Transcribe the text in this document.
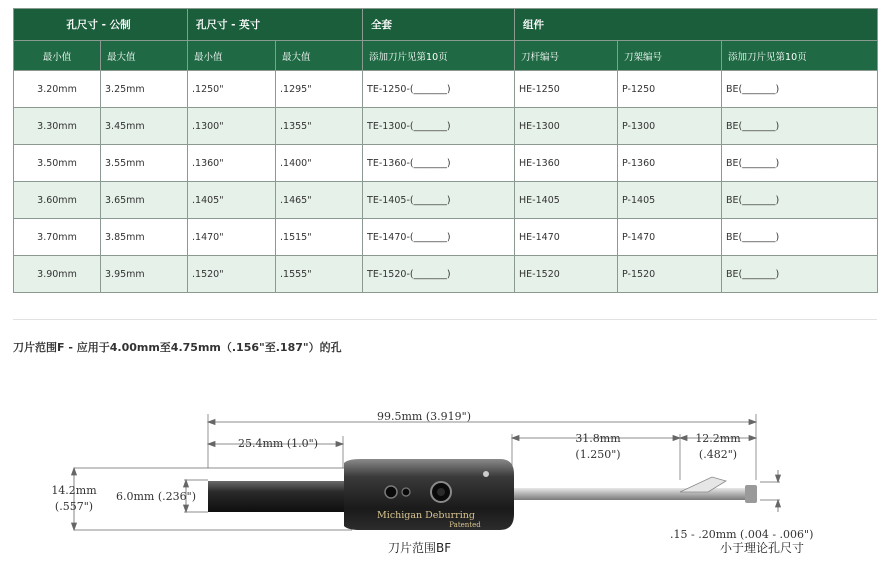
孔尺寸 - 公制		孔尺寸 - 英寸		全套	组件		
最小值	最大值	最小值	最大值	添加刀片见第10页	刀杆编号	刀架编号	添加刀片见第10页
3.20mm	3.25mm	.1250"	.1295"	TE-1250-(_______)	HE-1250	P-1250	BE(_______)
3.30mm	3.45mm	.1300"	.1355"	TE-1300-(_______)	HE-1300	P-1300	BE(_______)
3.50mm	3.55mm	.1360"	.1400"	TE-1360-(_______)	HE-1360	P-1360	BE(_______)
3.60mm	3.65mm	.1405"	.1465"	TE-1405-(_______)	HE-1405	P-1405	BE(_______)
3.70mm	3.85mm	.1470"	.1515"	TE-1470-(_______)	HE-1470	P-1470	BE(_______)
3.90mm	3.95mm	.1520"	.1555"	TE-1520-(_______)	HE-1520	P-1520	BE(_______)
刀片范围F - 应用于4.00mm至4.75mm（.156"至.187"）的孔
Michigan Deburring
Patented
99.5mm (3.919")
25.4mm (1.0")	31.8mm
(1.250")
12.2mm
(.482")
14.2mm
(.557")
6.0mm (.236")
.15 - .20mm (.004 - .006")
小于理论孔尺寸
刀片范围BF
